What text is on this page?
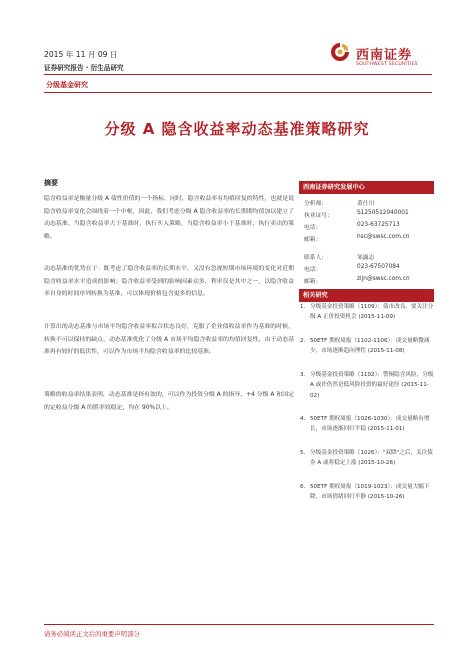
2015 年 11 月 09 日
证券研究报告 · 衍生品研究
分级基金研究
西南证券
SOUTHWEST SECURITIES
分级 A 隐含收益率动态基准策略研究
摘要
隐含收益率是衡量分级 A 债性价值的一个指标，同时，隐含收益率有均值回复的特性，也就是说隐含收益率变化会围绕着一个中枢，因此，我们考虑分级 A 隐含收益率的长期期均值加以建立了动态基准，当隐含收益率大于基准时，执行买入策略，当隐含收益率小于基准时，执行卖出的策略。
动态基准的优势在于：既考虑了隐含收益率的长期水平，又没有忽视短期市场环境的变化对近期隐含收益率水平造成的影响；隐含收益率受到的影响因素众多，利率仅是其中之一，以隐含收益率自身的时间序列转换为基准，可以体现价格包含更多的信息。
计算出的动态基准与市场平均隐含收益率拟合状态良好，克服了企业债收益率作为基准的时候，转换不可以保持的缺点，动态基准优化了分级 A 市场平均隐含收益率的均值回复性，由于动态基准再有较好的低伏性，可以作为市场平均隐含收益率的比较基准。
策略的收益率结果表明，动态基准是择有效的，可以作为投资分级 A 的指导，+4 分级 A 和国定的定收益分级 A 的胜率较稳定，均在 90%以上。
西南证券研究发展中心
分析师：	黄仕川
执业证号：	S1250512040001
电话：	023-63725713
邮箱：	hsc@swsc.com.cn
联系人：	邹露志
电话：	023-67507084
邮箱：	zljn@swsc.com.cn
相关研究
1. 分级基金投资策略（1109）：债市改良，要关注分级 A 正价投资机会 (2015-11-09)
2. 50ETF 期权周报（1102-1106）：成交量略微减少，市场逐渐趋向理性 (2015-11-08)
3. 分级基金投资策略（1102）：警惕隐含风险，分级 A 或许仍然是低风险投资的最好途径 (2015-11-02)
4. 50ETF 期权周报（1026-1030）：成交量略有增长，市场逐渐回归平稳 (2015-11-01)
5. 分级基金投资策略（1026）："双降"之后，关注债券 A 或将稳定上涨 (2015-10-26)
6. 50ETF 期权周报（1019-1023）：成交量大幅下降，市场情绪回归平静 (2015-10-26)
请务必阅读正文后的重要声明部分
